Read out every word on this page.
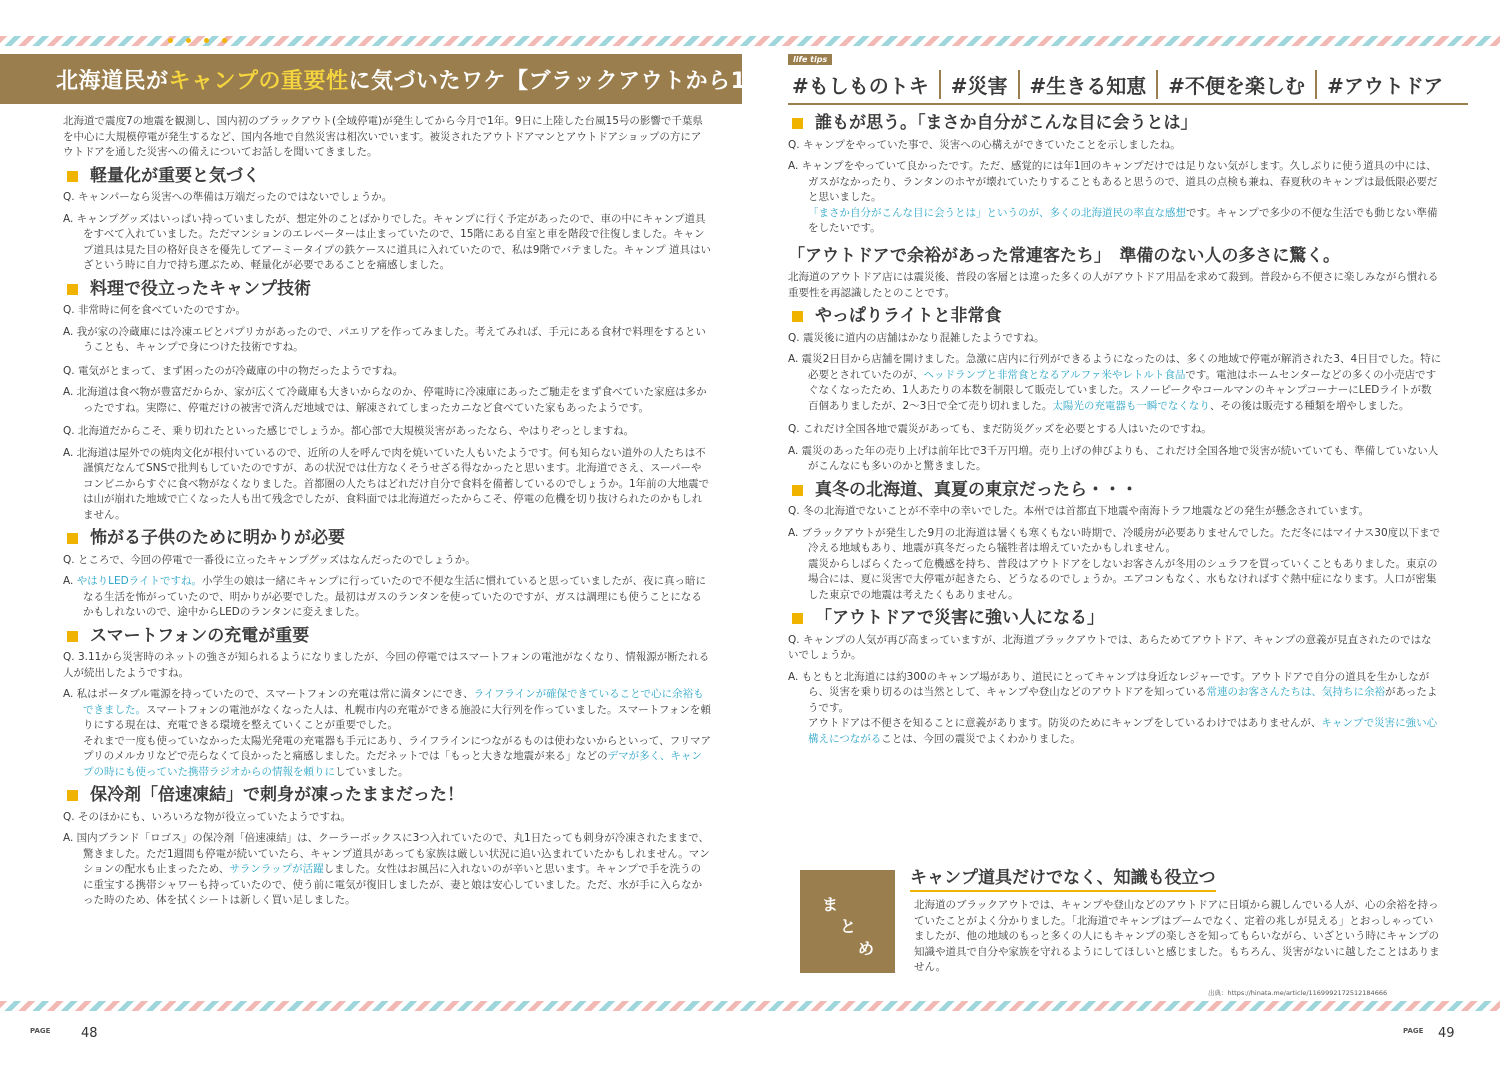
北海道民がキャンプの重要性に気づいたワケ【ブラックアウトから1年】
life tips
#もしものトキ	#災害	#生きる知恵	#不便を楽しむ	#アウトドア

北海道で震度7の地震を観測し、国内初のブラックアウト(全域停電)が発生してから今月で1年。9日に上陸した台風15号の影響で千葉県を中心に大規模停電が発生するなど、国内各地で自然災害は相次いでいます。被災されたアウトドアマンとアウトドアショップの方にアウトドアを通した災害への備えについてお話しを聞いてきました。

軽量化が重要と気づく

Q. キャンパーなら災害への準備は万端だったのではないでしょうか。

A. キャンプグッズはいっぱい持っていましたが、想定外のことばかりでした。キャンプに行く予定があったので、車の中にキャンプ道具をすべて入れていました。ただマンションのエレベーターは止まっていたので、15階にある自室と車を階段で往復しました。キャンプ道具は見た目の格好良さを優先してアーミータイプの鉄ケースに道具に入れていたので、私は9階でバテました。キャンプ 道具はいざという時に自力で持ち運ぶため、軽量化が必要であることを痛感しました。

料理で役立ったキャンプ技術

Q. 非常時に何を食べていたのですか。

A. 我が家の冷蔵庫には冷凍エビとパプリカがあったので、パエリアを作ってみました。考えてみれば、手元にある食材で料理をするということも、キャンプで身につけた技術ですね。

Q. 電気がとまって、まず困ったのが冷蔵庫の中の物だったようですね。

A. 北海道は食べ物が豊富だからか、家が広くて冷蔵庫も大きいからなのか、停電時に冷凍庫にあったご馳走をまず食べていた家庭は多かったですね。実際に、停電だけの被害で済んだ地域では、解凍されてしまったカニなど食べていた家もあったようです。

Q. 北海道だからこそ、乗り切れたといった感じでしょうか。都心部で大規模災害があったなら、やはりぞっとしますね。

A. 北海道は屋外での焼肉文化が根付いているので、近所の人を呼んで肉を焼いていた人もいたようです。何も知らない道外の人たちは不謹慎だなんてSNSで批判もしていたのですが、あの状況では仕方なくそうせざる得なかったと思います。北海道でさえ、スーパーやコンビニからすぐに食べ物がなくなりました。首都圏の人たちはどれだけ自分で食料を備蓄しているのでしょうか。1年前の大地震では山が崩れた地域で亡くなった人も出て残念でしたが、食料面では北海道だったからこそ、停電の危機を切り抜けられたのかもしれません。

怖がる子供のために明かりが必要

Q. ところで、今回の停電で一番役に立ったキャンプグッズはなんだったのでしょうか。

A. やはりLEDライトですね。小学生の娘は一緒にキャンプに行っていたので不便な生活に慣れていると思っていましたが、夜に真っ暗になる生活を怖がっていたので、明かりが必要でした。最初はガスのランタンを使っていたのですが、ガスは調理にも使うことになるかもしれないので、途中からLEDのランタンに変えました。

スマートフォンの充電が重要

Q. 3.11から災害時のネットの強さが知られるようになりましたが、今回の停電ではスマートフォンの電池がなくなり、情報源が断たれる人が続出したようですね。

A. 私はポータブル電源を持っていたので、スマートフォンの充電は常に満タンにでき、ライフラインが確保できていることで心に余裕もできました。スマートフォンの電池がなくなった人は、札幌市内の充電ができる施設に大行列を作っていました。スマートフォンを頼りにする現在は、充電できる環境を整えていくことが重要でした。
それまで一度も使っていなかった太陽光発電の充電器も手元にあり、ライフラインにつながるものは使わないからといって、フリマアプリのメルカリなどで売らなくて良かったと痛感しました。ただネットでは「もっと大きな地震が来る」などのデマが多く、キャンプの時にも使っていた携帯ラジオからの情報を頼りにしていました。

保冷剤「倍速凍結」で刺身が凍ったままだった！

Q. そのほかにも、いろいろな物が役立っていたようですね。

A. 国内ブランド「ロゴス」の保冷剤「倍速凍結」は、クーラーボックスに3つ入れていたので、丸1日たっても刺身が冷凍されたままで、驚きました。ただ1週間も停電が続いていたら、キャンプ道具があっても家族は厳しい状況に追い込まれていたかもしれません。マンションの配水も止まったため、サランラップが活躍しました。女性はお風呂に入れないのが辛いと思います。キャンプで手を洗うのに重宝する携帯シャワーも持っていたので、使う前に電気が復旧しましたが、妻と娘は安心していました。ただ、水が手に入らなかった時のため、体を拭くシートは新しく買い足しました。

誰もが思う。「まさか自分がこんな目に会うとは」

Q. キャンプをやっていた事で、災害への心構えができていたことを示しましたね。

A. キャンプをやっていて良かったです。ただ、感覚的には年1回のキャンプだけでは足りない気がします。久しぶりに使う道具の中には、ガスがなかったり、ランタンのホヤが壊れていたりすることもあると思うので、道具の点検も兼ね、春夏秋のキャンプは最低限必要だと思いました。
「まさか自分がこんな目に会うとは」というのが、多くの北海道民の率直な感想です。キャンプで多少の不便な生活でも動じない準備をしたいです。

「アウトドアで余裕があった常連客たち」　準備のない人の多さに驚く。

北海道のアウトドア店には震災後、普段の客層とは違った多くの人がアウトドア用品を求めて殺到。普段から不便さに楽しみながら慣れる重要性を再認識したとのことです。

やっぱりライトと非常食

Q. 震災後に道内の店舗はかなり混雑したようですね。

A. 震災2日目から店舗を開けました。急激に店内に行列ができるようになったのは、多くの地域で停電が解消された3、4日目でした。特に必要とされていたのが、ヘッドランプと非常食となるアルファ米やレトルト食品です。電池はホームセンターなどの多くの小売店ですぐなくなったため、1人あたりの本数を制限して販売していました。スノーピークやコールマンのキャンプコーナーにLEDライトが数百個ありましたが、2～3日で全て売り切れました。太陽光の充電器も一瞬でなくなり、その後は販売する種類を増やしました。

Q. これだけ全国各地で震災があっても、まだ防災グッズを必要とする人はいたのですね。

A. 震災のあった年の売り上げは前年比で3千万円増。売り上げの伸びよりも、これだけ全国各地で災害が続いていても、準備していない人がこんなにも多いのかと驚きました。

真冬の北海道、真夏の東京だったら・・・

Q. 冬の北海道でないことが不幸中の幸いでした。本州では首都直下地震や南海トラフ地震などの発生が懸念されています。

A. ブラックアウトが発生した9月の北海道は暑くも寒くもない時期で、冷暖房が必要ありませんでした。ただ冬にはマイナス30度以下まで冷える地域もあり、地震が真冬だったら犠牲者は増えていたかもしれません。
震災からしばらくたって危機感を持ち、普段はアウトドアをしないお客さんが冬用のシュラフを買っていくこともありました。東京の場合には、夏に災害で大停電が起きたら、どうなるのでしょうか。エアコンもなく、水もなければすぐ熱中症になります。人口が密集した東京での地震は考えたくもありません。

「アウトドアで災害に強い人になる」

Q. キャンプの人気が再び高まっていますが、北海道ブラックアウトでは、あらためてアウトドア、キャンプの意義が見直されたのではないでしょうか。

A. もともと北海道には約300のキャンプ場があり、道民にとってキャンプは身近なレジャーです。アウトドアで自分の道具を生かしながら、災害を乗り切るのは当然として、キャンプや登山などのアウトドアを知っている常連のお客さんたちは、気持ちに余裕があったようです。
アウトドアは不便さを知ることに意義があります。防災のためにキャンプをしているわけではありませんが、キャンプで災害に強い心構えにつながることは、今回の震災でよくわかりました。

ま
と
め
キャンプ道具だけでなく、知識も役立つ
北海道のブラックアウトでは、キャンプや登山などのアウトドアに日頃から親しんでいる人が、心の余裕を持っていたことがよく分かりました。「北海道でキャンプはブームでなく、定着の兆しが見える」とおっしゃっていましたが、他の地域のもっと多くの人にもキャンプの楽しさを知ってもらいながら、いざという時にキャンプの知識や道具で自分や家族を守れるようにしてほしいと感じました。もちろん、災害がないに越したことはありません。
出典：https://hinata.me/article/1169992172512184666
PAGE 48	PAGE 49
